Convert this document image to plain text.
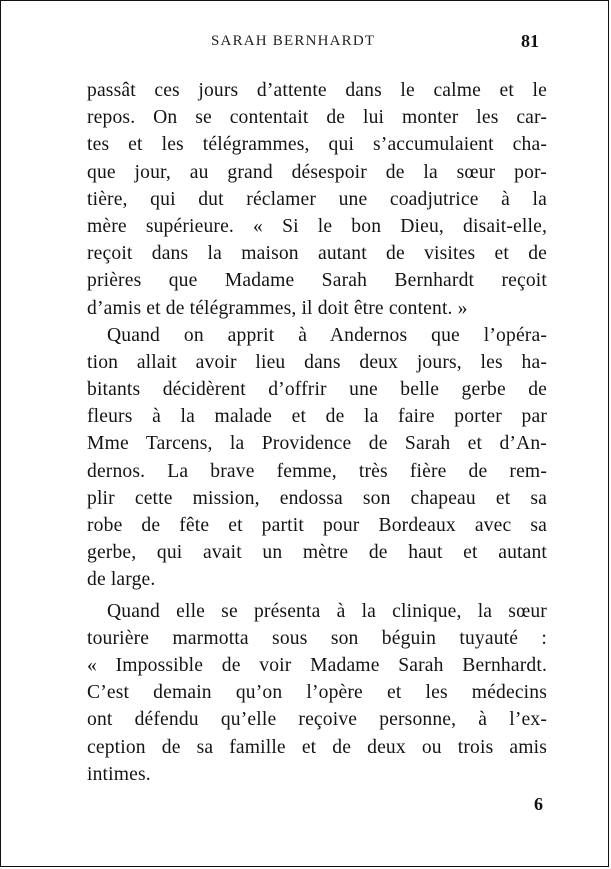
SARAH BERNHARDT	81
passât ces jours d’attente dans le calme et le
repos. On se contentait de lui monter les car-
tes et les télégrammes, qui s’accumulaient cha-
que jour, au grand désespoir de la sœur por-
tière, qui dut réclamer une coadjutrice à la
mère supérieure. « Si le bon Dieu, disait-elle,
reçoit dans la maison autant de visites et de
prières que Madame Sarah Bernhardt reçoit
d’amis et de télégrammes, il doit être content. »
Quand on apprit à Andernos que l’opéra-
tion allait avoir lieu dans deux jours, les ha-
bitants décidèrent d’offrir une belle gerbe de
fleurs à la malade et de la faire porter par
Mme Tarcens, la Providence de Sarah et d’An-
dernos. La brave femme, très fière de rem-
plir cette mission, endossa son chapeau et sa
robe de fête et partit pour Bordeaux avec sa
gerbe, qui avait un mètre de haut et autant
de large.
Quand elle se présenta à la clinique, la sœur
tourière marmotta sous son béguin tuyauté :
« Impossible de voir Madame Sarah Bernhardt.
C’est demain qu’on l’opère et les médecins
ont défendu qu’elle reçoive personne, à l’ex-
ception de sa famille et de deux ou trois amis
intimes.
6
